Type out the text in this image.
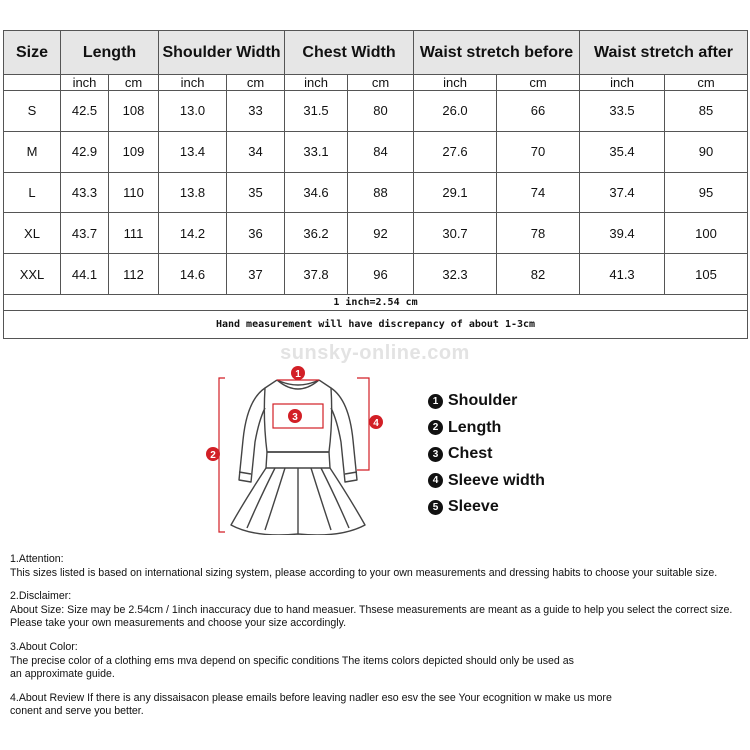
Size	Length		Shoulder Width		Chest Width		Waist stretch before		Waist stretch after	
	inch	cm	inch	cm	inch	cm	inch	cm	inch	cm
S	42.5	108	13.0	33	31.5	80	26.0	66	33.5	85
M	42.9	109	13.4	34	33.1	84	27.6	70	35.4	90
L	43.3	110	13.8	35	34.6	88	29.1	74	37.4	95
XL	43.7	111	14.2	36	36.2	92	30.7	78	39.4	100
XXL	44.1	112	14.6	37	37.8	96	32.3	82	41.3	105
1 inch=2.54 cm										
Hand measurement will have discrepancy of about 1-3cm										
sunsky-online.com
1
2
3
4
1 Shoulder
2 Length
3 Chest
4 Sleeve width
5 Sleeve

1.Attention:

This sizes listed is based on international sizing system, please according to your own measurements and dressing habits to choose your suitable size.

2.Disclaimer:

About Size: Size may be 2.54cm / 1inch inaccuracy due to hand measuer. Thsese measurements are meant as a guide to help you select the correct size.

Please take your own measurements and choose your size accordingly.

3.About Color:

The precise color of a clothing ems mva depend on specific conditions The items colors depicted should only be used as

an approximate guide.

4.About Review If there is any dissaisacon please emails before leaving nadler eso esv the see Your ecognition w make us more

conent and serve you better.
